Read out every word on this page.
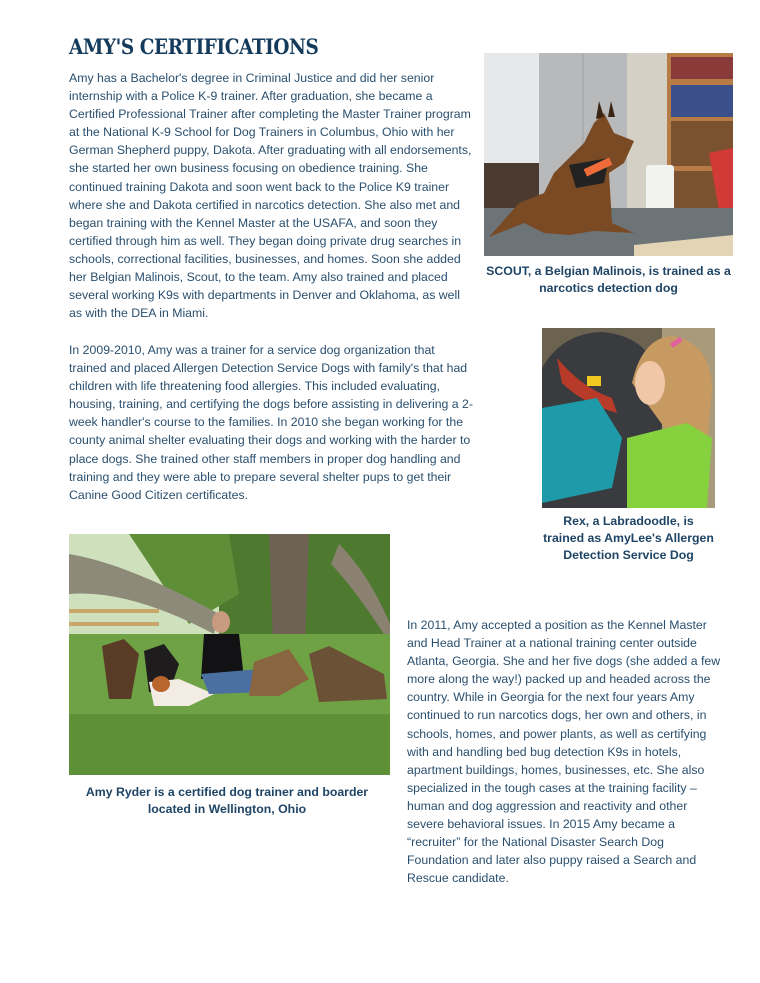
AMY'S CERTIFICATIONS

Amy has a Bachelor's degree in Criminal Justice and did her senior internship with a Police K-9 trainer. After graduation, she became a Certified Professional Trainer after completing the Master Trainer program at the National K-9 School for Dog Trainers in Columbus, Ohio with her German Shepherd puppy, Dakota. After graduating with all endorsements, she started her own business focusing on obedience training. She continued training Dakota and soon went back to the Police K9 trainer where she and Dakota certified in narcotics detection. She also met and began training with the Kennel Master at the USAFA, and soon they certified through him as well. They began doing private drug searches in schools, correctional facilities, businesses, and homes. Soon she added her Belgian Malinois, Scout, to the team. Amy also trained and placed several working K9s with departments in Denver and Oklahoma, as well as with the DEA in Miami.

In 2009-2010, Amy was a trainer for a service dog organization that trained and placed Allergen Detection Service Dogs with family's that had children with life threatening food allergies. This included evaluating, housing, training, and certifying the dogs before assisting in delivering a 2-week handler's course to the families. In 2010 she began working for the county animal shelter evaluating their dogs and working with the harder to place dogs. She trained other staff members in proper dog handling and training and they were able to prepare several shelter pups to get their Canine Good Citizen certificates.

In 2011, Amy accepted a position as the Kennel Master and Head Trainer at a national training center outside Atlanta, Georgia. She and her five dogs (she added a few more along the way!) packed up and headed across the country. While in Georgia for the next four years Amy continued to run narcotics dogs, her own and others, in schools, homes, and power plants, as well as certifying with and handling bed bug detection K9s in hotels, apartment buildings, homes, businesses, etc. She also specialized in the tough cases at the training facility – human and dog aggression and reactivity and other severe behavioral issues. In 2015 Amy became a “recruiter” for the National Disaster Search Dog Foundation and later also puppy raised a Search and Rescue candidate.

SCOUT, a Belgian Malinois, is trained as a narcotics detection dog

Rex, a Labradoodle, is trained as AmyLee's Allergen Detection Service Dog

Amy Ryder is a certified dog trainer and boarder located in Wellington, Ohio
